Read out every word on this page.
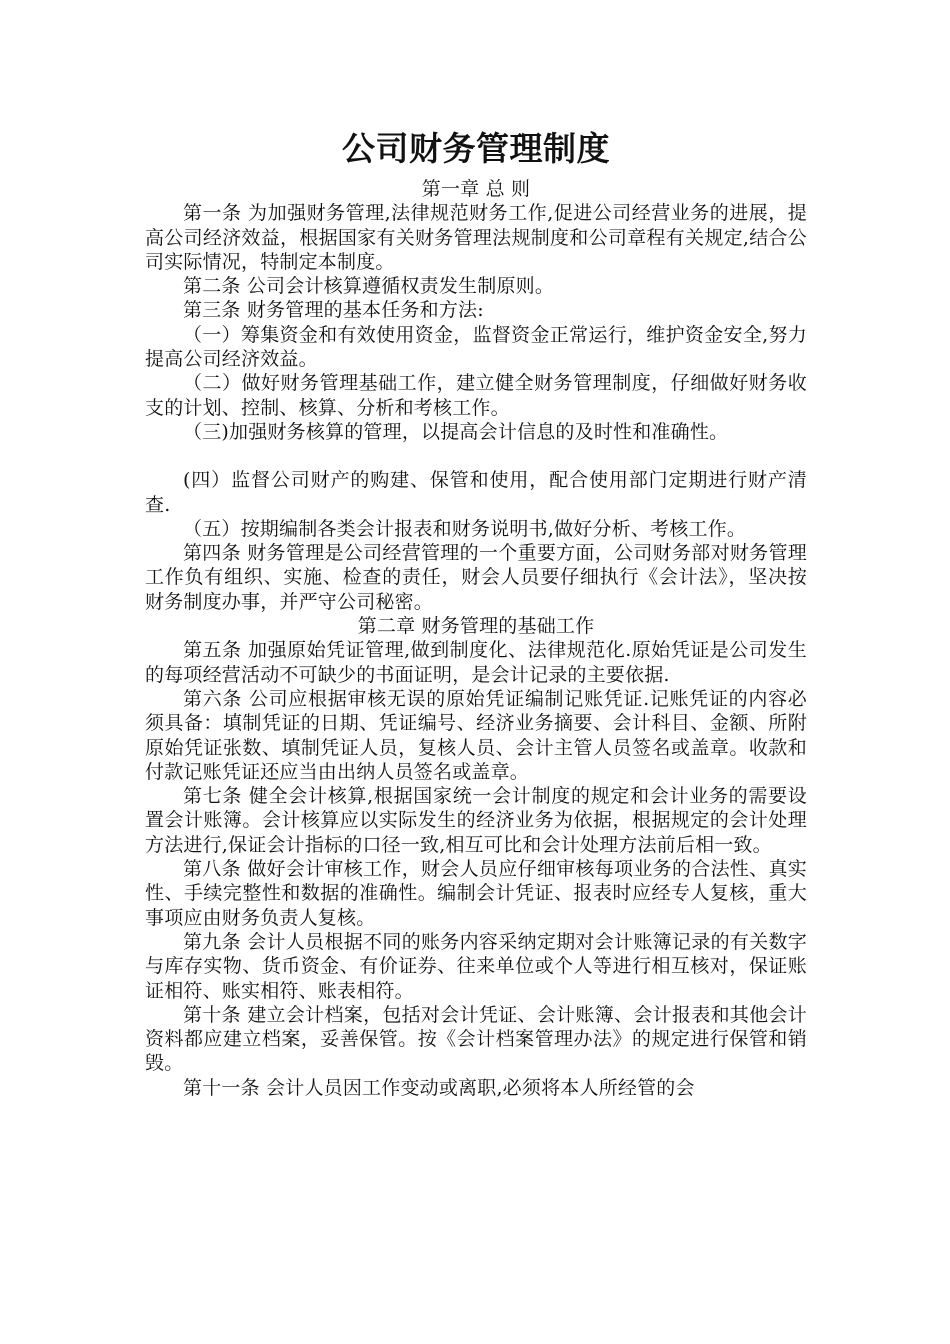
公司财务管理制度

第一章 总 则

第一条 为加强财务管理,法律规范财务工作,促进公司经营业务的进展，提高公司经济效益，根据国家有关财务管理法规制度和公司章程有关规定,结合公司实际情况，特制定本制度。

第二条 公司会计核算遵循权责发生制原则。

第三条 财务管理的基本任务和方法:

（一）筹集资金和有效使用资金，监督资金正常运行，维护资金安全,努力提高公司经济效益。

（二）做好财务管理基础工作，建立健全财务管理制度，仔细做好财务收支的计划、控制、核算、分析和考核工作。

（三)加强财务核算的管理，以提高会计信息的及时性和准确性。

(四）监督公司财产的购建、保管和使用，配合使用部门定期进行财产清查.

（五）按期编制各类会计报表和财务说明书,做好分析、考核工作。

第四条 财务管理是公司经营管理的一个重要方面，公司财务部对财务管理工作负有组织、实施、检查的责任，财会人员要仔细执行《会计法》，坚决按财务制度办事，并严守公司秘密。

第二章 财务管理的基础工作

第五条 加强原始凭证管理,做到制度化、法律规范化.原始凭证是公司发生的每项经营活动不可缺少的书面证明，是会计记录的主要依据.

第六条 公司应根据审核无误的原始凭证编制记账凭证.记账凭证的内容必须具备：填制凭证的日期、凭证编号、经济业务摘要、会计科目、金额、所附原始凭证张数、填制凭证人员，复核人员、会计主管人员签名或盖章。收款和付款记账凭证还应当由出纳人员签名或盖章。

第七条 健全会计核算,根据国家统一会计制度的规定和会计业务的需要设置会计账簿。会计核算应以实际发生的经济业务为依据，根据规定的会计处理方法进行,保证会计指标的口径一致,相互可比和会计处理方法前后相一致。

第八条 做好会计审核工作，财会人员应仔细审核每项业务的合法性、真实性、手续完整性和数据的准确性。编制会计凭证、报表时应经专人复核，重大事项应由财务负责人复核。

第九条 会计人员根据不同的账务内容采纳定期对会计账簿记录的有关数字与库存实物、货币资金、有价证券、往来单位或个人等进行相互核对，保证账证相符、账实相符、账表相符。

第十条 建立会计档案，包括对会计凭证、会计账簿、会计报表和其他会计资料都应建立档案，妥善保管。按《会计档案管理办法》的规定进行保管和销毁。

第十一条 会计人员因工作变动或离职,必须将本人所经管的会
